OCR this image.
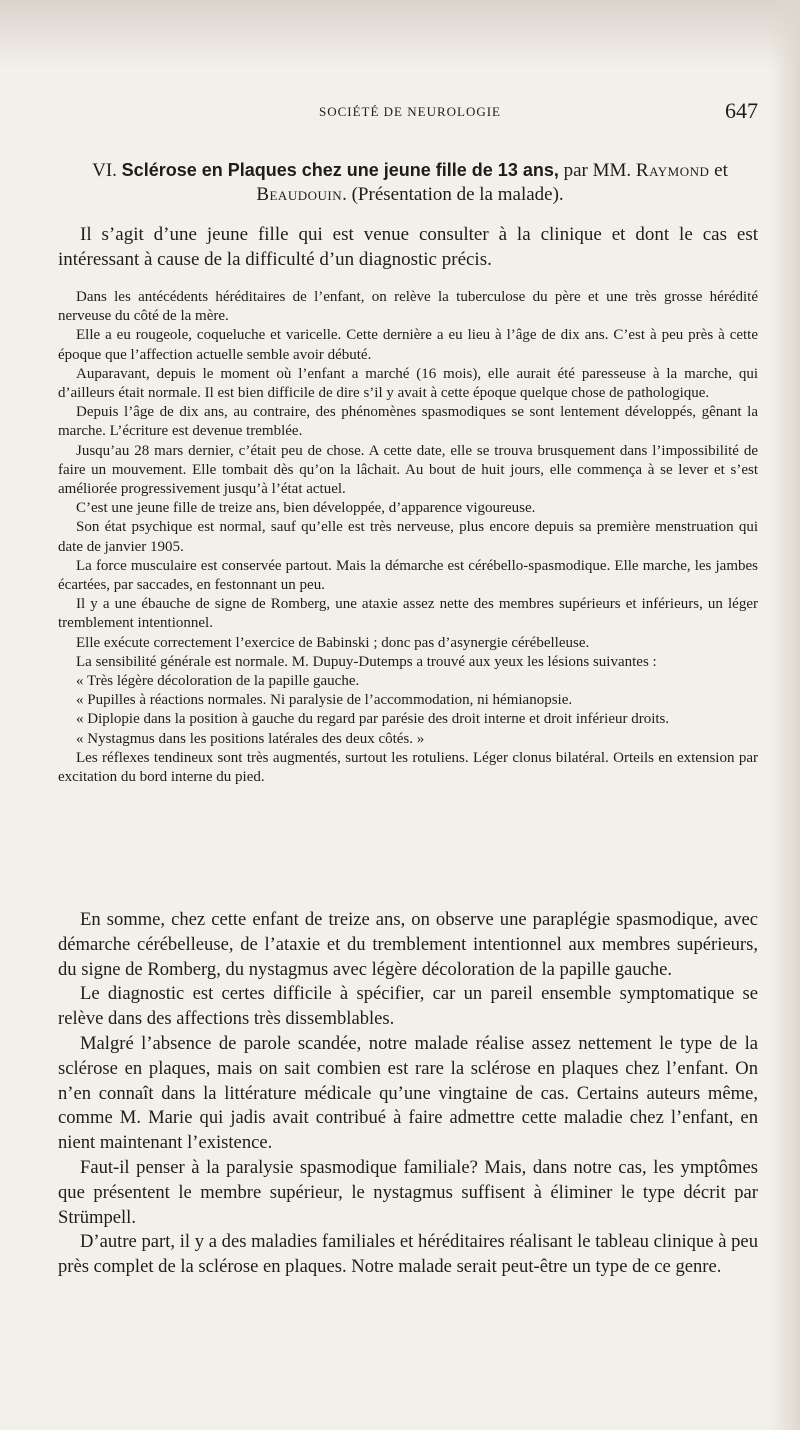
SOCIÉTÉ DE NEUROLOGIE	647
VI. Sclérose en Plaques chez une jeune fille de 13 ans, par MM. Raymond et Beaudouin. (Présentation de la malade).
Il s’agit d’une jeune fille qui est venue consulter à la clinique et dont le cas est intéressant à cause de la difficulté d’un diagnostic précis.

Dans les antécédents héréditaires de l’enfant, on relève la tuberculose du père et une très grosse hérédité nerveuse du côté de la mère.

Elle a eu rougeole, coqueluche et varicelle. Cette dernière a eu lieu à l’âge de dix ans. C’est à peu près à cette époque que l’affection actuelle semble avoir débuté.

Auparavant, depuis le moment où l’enfant a marché (16 mois), elle aurait été paresseuse à la marche, qui d’ailleurs était normale. Il est bien difficile de dire s’il y avait à cette époque quelque chose de pathologique.

Depuis l’âge de dix ans, au contraire, des phénomènes spasmodiques se sont lentement développés, gênant la marche. L’écriture est devenue tremblée.

Jusqu’au 28 mars dernier, c’était peu de chose. A cette date, elle se trouva brusquement dans l’impossibilité de faire un mouvement. Elle tombait dès qu’on la lâchait. Au bout de huit jours, elle commença à se lever et s’est améliorée progressivement jusqu’à l’état actuel.

C’est une jeune fille de treize ans, bien développée, d’apparence vigoureuse.

Son état psychique est normal, sauf qu’elle est très nerveuse, plus encore depuis sa première menstruation qui date de janvier 1905.

La force musculaire est conservée partout. Mais la démarche est cérébello-spasmodique. Elle marche, les jambes écartées, par saccades, en festonnant un peu.

Il y a une ébauche de signe de Romberg, une ataxie assez nette des membres supérieurs et inférieurs, un léger tremblement intentionnel.

Elle exécute correctement l’exercice de Babinski ; donc pas d’asynergie cérébelleuse.

La sensibilité générale est normale. M. Dupuy-Dutemps a trouvé aux yeux les lésions suivantes :

« Très légère décoloration de la papille gauche.

« Pupilles à réactions normales. Ni paralysie de l’accommodation, ni hémianopsie.

« Diplopie dans la position à gauche du regard par parésie des droit interne et droit inférieur droits.

« Nystagmus dans les positions latérales des deux côtés. »

Les réflexes tendineux sont très augmentés, surtout les rotuliens. Léger clonus bilatéral. Orteils en extension par excitation du bord interne du pied.

En somme, chez cette enfant de treize ans, on observe une paraplégie spasmodique, avec démarche cérébelleuse, de l’ataxie et du tremblement intentionnel aux membres supérieurs, du signe de Romberg, du nystagmus avec légère décoloration de la papille gauche.

Le diagnostic est certes difficile à spécifier, car un pareil ensemble symptomatique se relève dans des affections très dissemblables.

Malgré l’absence de parole scandée, notre malade réalise assez nettement le type de la sclérose en plaques, mais on sait combien est rare la sclérose en plaques chez l’enfant. On n’en connaît dans la littérature médicale qu’une vingtaine de cas. Certains auteurs même, comme M. Marie qui jadis avait contribué à faire admettre cette maladie chez l’enfant, en nient maintenant l’existence.

Faut-il penser à la paralysie spasmodique familiale? Mais, dans notre cas, les ymptômes que présentent le membre supérieur, le nystagmus suffisent à éliminer le type décrit par Strümpell.

D’autre part, il y a des maladies familiales et héréditaires réalisant le tableau clinique à peu près complet de la sclérose en plaques. Notre malade serait peut-être un type de ce genre.
